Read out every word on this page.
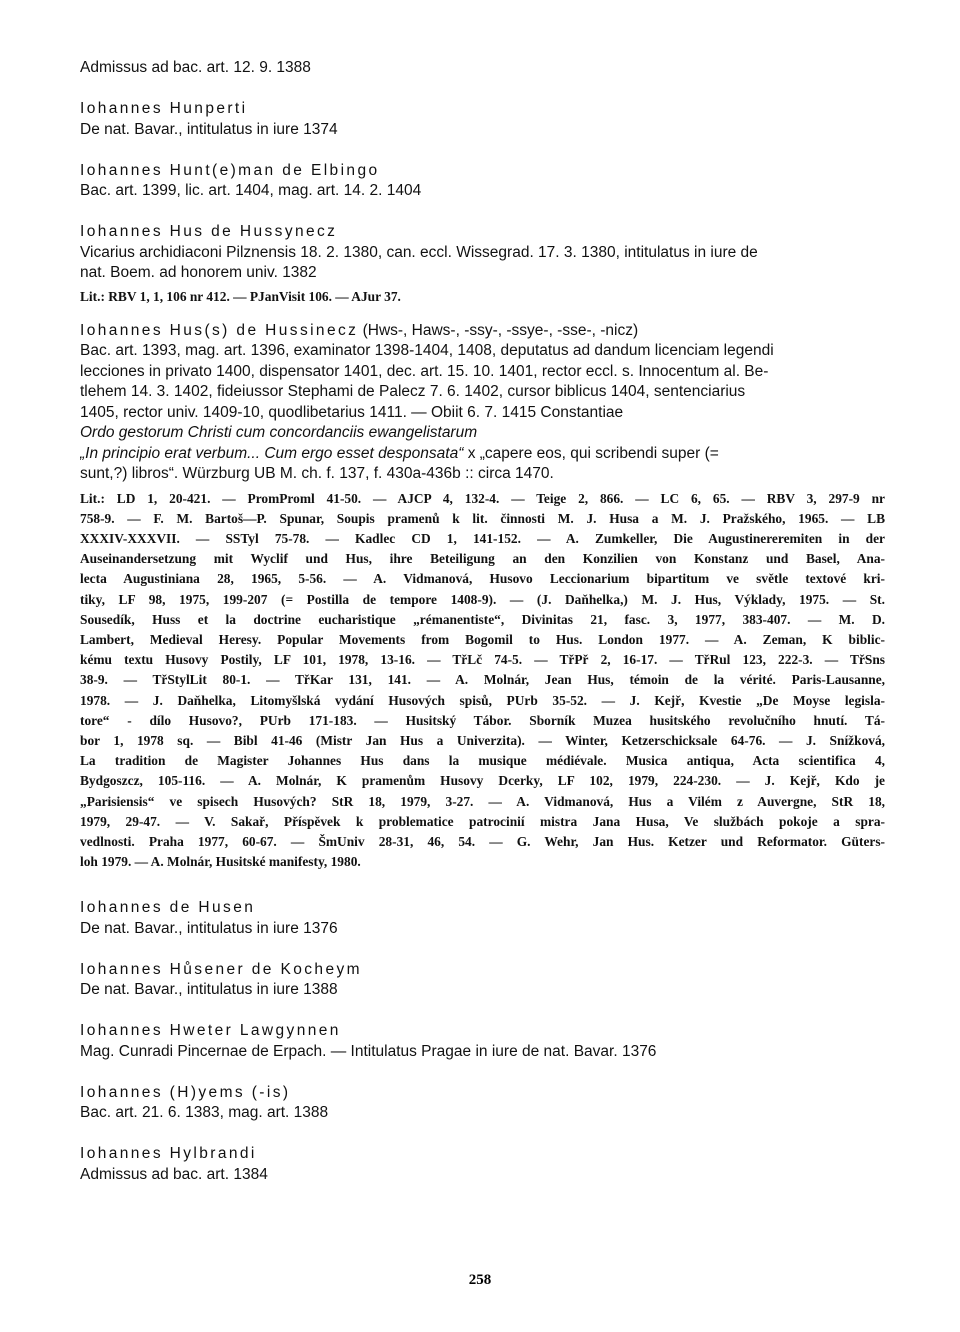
Admissus ad bac. art. 12. 9. 1388
Iohannes Hunperti
De nat. Bavar., intitulatus in iure 1374
Iohannes Hunt(e)man de Elbingo
Bac. art. 1399, lic. art. 1404, mag. art. 14. 2. 1404
Iohannes Hus de Hussynecz
Vicarius archidiaconi Pilznensis 18. 2. 1380, can. eccl. Wissegrad. 17. 3. 1380, intitulatus in iure de
nat. Boem. ad honorem univ. 1382
Lit.: RBV 1, 1, 106 nr 412. — PJanVisit 106. — AJur 37.
Iohannes Hus(s) de Hussinecz (Hws-, Haws-, -ssy-, -ssye-, -sse-, -nicz)
Bac. art. 1393, mag. art. 1396, examinator 1398-1404, 1408, deputatus ad dandum licenciam legendi
lecciones in privato 1400, dispensator 1401, dec. art. 15. 10. 1401, rector eccl. s. Innocentum al. Be-
tlehem 14. 3. 1402, fideiussor Stephami de Palecz 7. 6. 1402, cursor biblicus 1404, sentenciarius
1405, rector univ. 1409-10, quodlibetarius 1411. — Obiit 6. 7. 1415 Constantiae
Ordo gestorum Christi cum concordanciis ewangelistarum
„In principio erat verbum... Cum ergo esset desponsata“ x „capere eos, qui scribendi super (=
sunt,?) libros“. Würzburg UB M. ch. f. 137, f. 430a-436b :: circa 1470.
Lit.: LD 1, 20-421. — PromProml 41-50. — AJCP 4, 132-4. — Teige 2, 866. — LC 6, 65. — RBV 3, 297-9 nr
758-9. — F. M. Bartoš—P. Spunar, Soupis pramenů k lit. činnosti M. J. Husa a M. J. Pražského, 1965. — LB
XXXIV-XXXVII. — SSTyl 75-78. — Kadlec CD 1, 141-152. — A. Zumkeller, Die Augustinereremiten in der
Auseinandersetzung mit Wyclif und Hus, ihre Beteiligung an den Konzilien von Konstanz und Basel, Ana-
lecta Augustiniana 28, 1965, 5-56. — A. Vidmanová, Husovo Leccionarium bipartitum ve světle textové kri-
tiky, LF 98, 1975, 199-207 (= Postilla de tempore 1408-9). — (J. Daňhelka,) M. J. Hus, Výklady, 1975. — St.
Sousedík, Huss et la doctrine eucharistique „rémanentiste“, Divinitas 21, fasc. 3, 1977, 383-407. — M. D.
Lambert, Medieval Heresy. Popular Movements from Bogomil to Hus. London 1977. — A. Zeman, K biblic-
kému textu Husovy Postily, LF 101, 1978, 13-16. — TřLč 74-5. — TřPř 2, 16-17. — TřRul 123, 222-3. — TřSns
38-9. — TřStylLit 80-1. — TřKar 131, 141. — A. Molnár, Jean Hus, témoin de la vérité. Paris-Lausanne,
1978. — J. Daňhelka, Litomyšlská vydání Husových spisů, PUrb 35-52. — J. Kejř, Kvestie „De Moyse legisla-
tore“ - dílo Husovo?, PUrb 171-183. — Husitský Tábor. Sborník Muzea husitského revolučního hnutí. Tá-
bor 1, 1978 sq. — Bibl 41-46 (Mistr Jan Hus a Univerzita). — Winter, Ketzerschicksale 64-76. — J. Snížková,
La tradition de Magister Johannes Hus dans la musique médiévale. Musica antiqua, Acta scientifica 4,
Bydgoszcz, 105-116. — A. Molnár, K pramenům Husovy Dcerky, LF 102, 1979, 224-230. — J. Kejř, Kdo je
„Parisiensis“ ve spisech Husových? StR 18, 1979, 3-27. — A. Vidmanová, Hus a Vilém z Auvergne, StR 18,
1979, 29-47. — V. Sakař, Příspěvek k problematice patrocinií mistra Jana Husa, Ve službách pokoje a spra-
vedlnosti. Praha 1977, 60-67. — ŠmUniv 28-31, 46, 54. — G. Wehr, Jan Hus. Ketzer und Reformator. Güters-
loh 1979. — A. Molnár, Husitské manifesty, 1980.
Iohannes de Husen
De nat. Bavar., intitulatus in iure 1376
Iohannes Hůsener de Kocheym
De nat. Bavar., intitulatus in iure 1388
Iohannes Hweter Lawgynnen
Mag. Cunradi Pincernae de Erpach. — Intitulatus Pragae in iure de nat. Bavar. 1376
Iohannes (H)yems (-is)
Bac. art. 21. 6. 1383, mag. art. 1388
Iohannes Hylbrandi
Admissus ad bac. art. 1384
258
